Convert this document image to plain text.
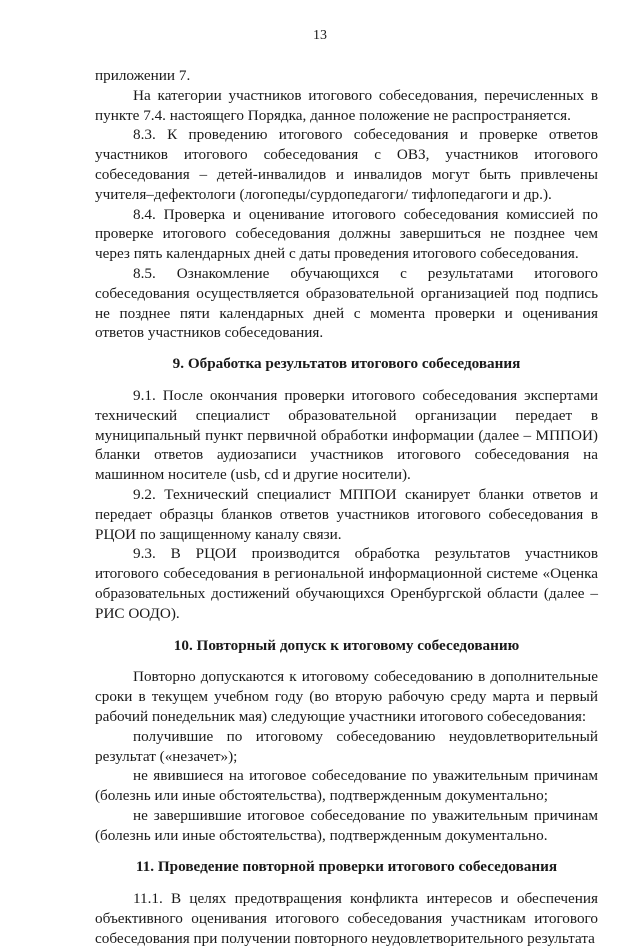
13

приложении 7.

На категории участников итогового собеседования, перечисленных в пункте 7.4. настоящего Порядка, данное положение не распространяется.

8.3. К проведению итогового собеседования и проверке ответов участников итогового собеседования с ОВЗ, участников итогового собеседования – детей-инвалидов и инвалидов могут быть привлечены учителя–дефектологи (логопеды/сурдопедагоги/ тифлопедагоги и др.).

8.4. Проверка и оценивание итогового собеседования комиссией по проверке итогового собеседования должны завершиться не позднее чем через пять календарных дней с даты проведения итогового собеседования.

8.5. Ознакомление обучающихся с результатами итогового собеседования осуществляется образовательной организацией под подпись не позднее пяти календарных дней с момента проверки и оценивания ответов участников собеседования.

9. Обработка результатов итогового собеседования

9.1. После окончания проверки итогового собеседования экспертами технический специалист образовательной организации передает в муниципальный пункт первичной обработки информации (далее – МППОИ) бланки ответов аудиозаписи участников итогового собеседования на машинном носителе (usb, cd и другие носители).

9.2. Технический специалист МППОИ сканирует бланки ответов и передает образцы бланков ответов участников итогового собеседования в РЦОИ по защищенному каналу связи.

9.3. В РЦОИ производится обработка результатов участников итогового собеседования в региональной информационной системе «Оценка образовательных достижений обучающихся Оренбургской области (далее – РИС ООДО).

10. Повторный допуск к итоговому собеседованию

Повторно допускаются к итоговому собеседованию в дополнительные сроки в текущем учебном году (во вторую рабочую среду марта и первый рабочий понедельник мая) следующие участники итогового собеседования:

получившие по итоговому собеседованию неудовлетворительный результат («незачет»);

не явившиеся на итоговое собеседование по уважительным причинам (болезнь или иные обстоятельства), подтвержденным документально;

не завершившие итоговое собеседование по уважительным причинам (болезнь или иные обстоятельства), подтвержденным документально.

11. Проведение повторной проверки итогового собеседования

11.1. В целях предотвращения конфликта интересов и обеспечения объективного оценивания итогового собеседования участникам итогового собеседования при получении повторного неудовлетворительного результата
